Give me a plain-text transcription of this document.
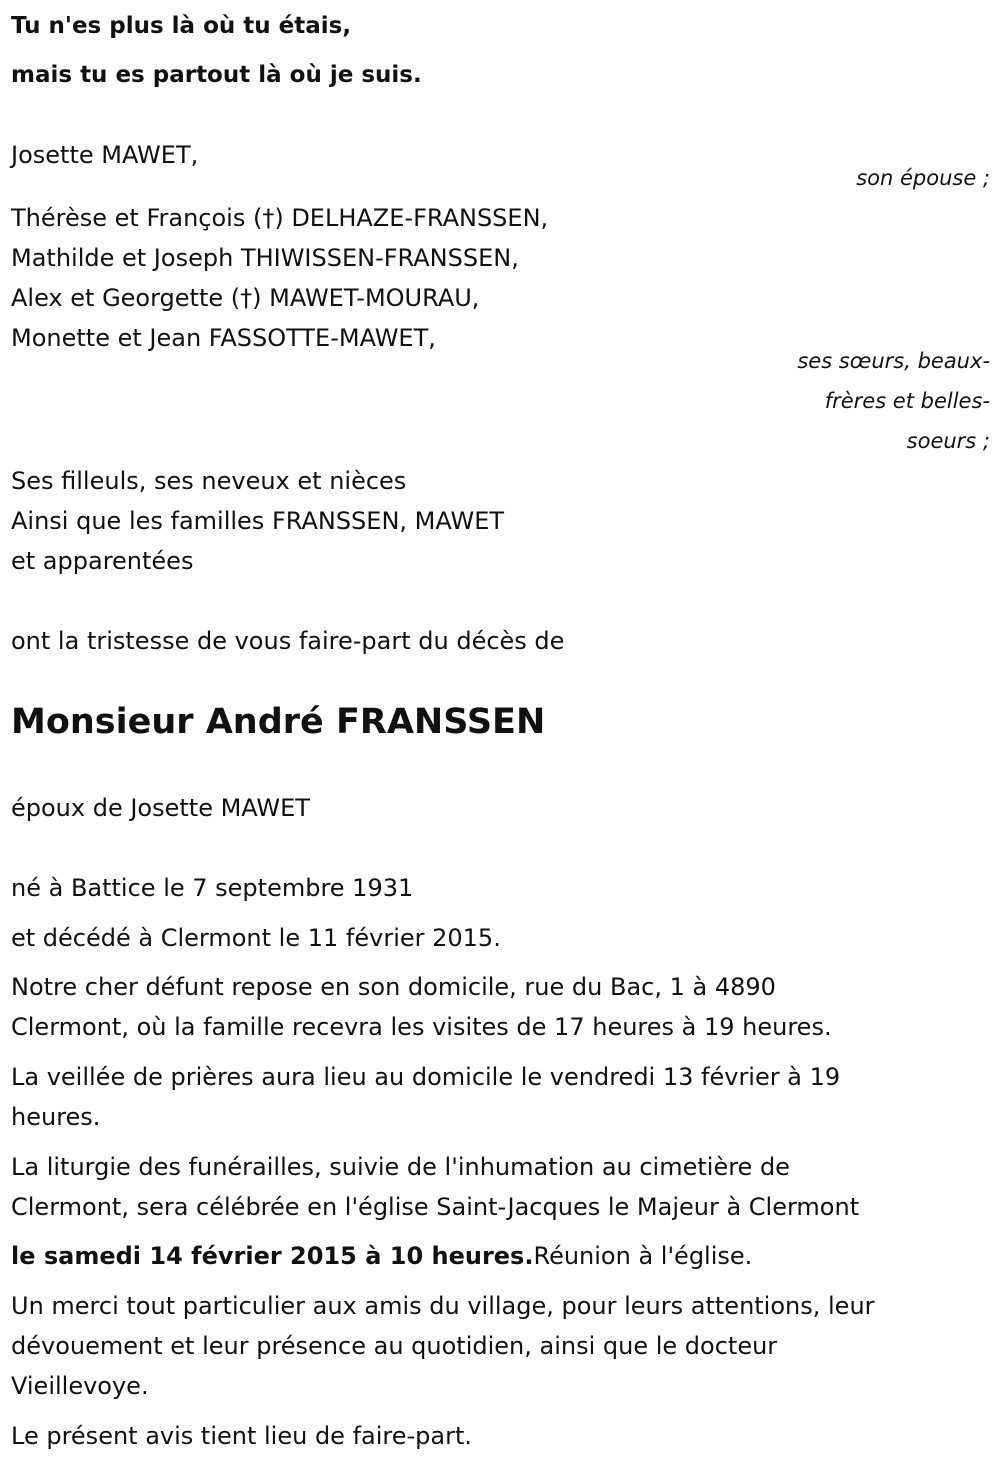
Tu n'es plus là où tu étais,

mais tu es partout là où je suis.

Josette MAWET,

son épouse ;

Thérèse et François (†) DELHAZE-FRANSSEN,

Mathilde et Joseph THIWISSEN-FRANSSEN,

Alex et Georgette (†) MAWET-MOURAU,

Monette et Jean FASSOTTE-MAWET,

ses sœurs, beaux-

frères et belles-

soeurs ;

Ses filleuls, ses neveux et nièces

Ainsi que les familles FRANSSEN, MAWET

et apparentées

ont la tristesse de vous faire-part du décès de

Monsieur André FRANSSEN

époux de Josette MAWET

né à Battice le 7 septembre 1931

et décédé à Clermont le 11 février 2015.

Notre cher défunt repose en son domicile, rue du Bac, 1 à 4890

Clermont, où la famille recevra les visites de 17 heures à 19 heures.

La veillée de prières aura lieu au domicile le vendredi 13 février à 19

heures.

La liturgie des funérailles, suivie de l'inhumation au cimetière de

Clermont, sera célébrée en l'église Saint-Jacques le Majeur à Clermont

le samedi 14 février 2015 à 10 heures.Réunion à l'église.

Un merci tout particulier aux amis du village, pour leurs attentions, leur

dévouement et leur présence au quotidien, ainsi que le docteur

Vieillevoye.

Le présent avis tient lieu de faire-part.
